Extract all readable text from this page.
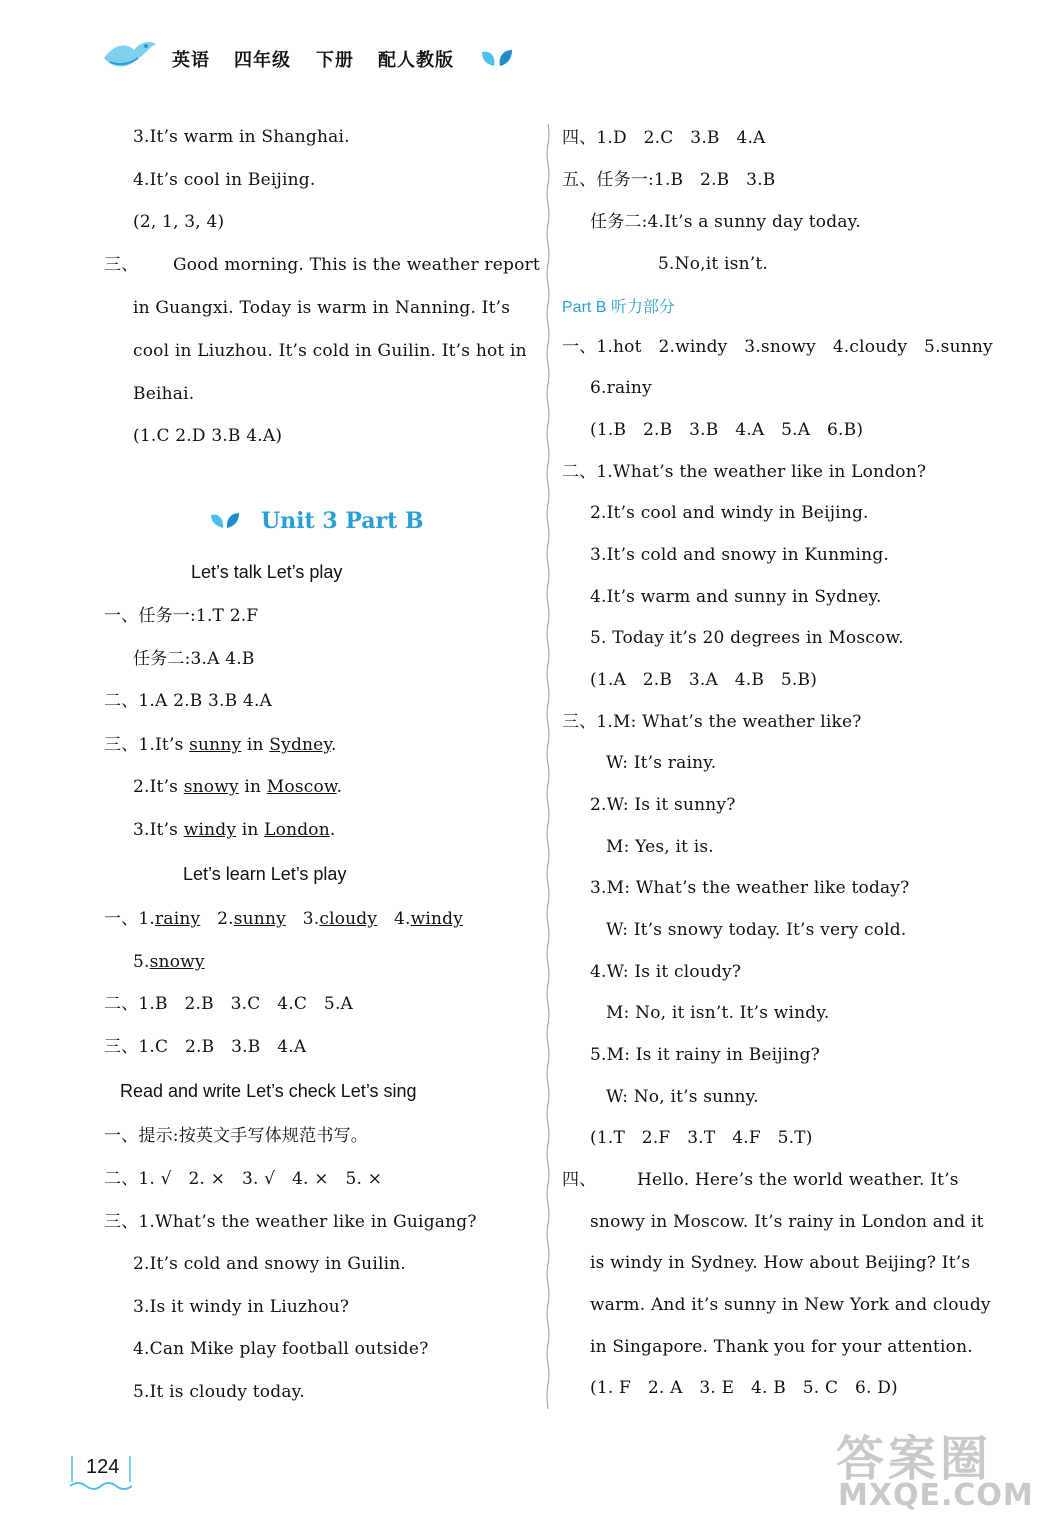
英语 四年级 下册 配人教版
3.It’s warm in Shanghai.
4.It’s cool in Beijing.
(2, 1, 3, 4)
三、 Good morning. This is the weather report
in Guangxi. Today is warm in Nanning. It’s
cool in Liuzhou. It’s cold in Guilin. It’s hot in
Beihai.
(1.C 2.D 3.B 4.A)
Unit 3 Part B
Let’s talk Let’s play
一、任务一:1.T 2.F
任务二:3.A 4.B
二、1.A 2.B 3.B 4.A
三、1.It’s sunny in Sydney.
2.It’s snowy in Moscow.
3.It’s windy in London.
Let’s learn Let’s play
一、1.rainy   2.sunny   3.cloudy   4.windy
5.snowy
二、1.B   2.B   3.C   4.C   5.A
三、1.C   2.B   3.B   4.A
Read and write Let’s check Let’s sing
一、提示:按英文手写体规范书写。
二、1. √   2. ×   3. √   4. ×   5. ×
三、1.What’s the weather like in Guigang?
2.It’s cold and snowy in Guilin.
3.Is it windy in Liuzhou?
4.Can Mike play football outside?
5.It is cloudy today.
四、1.D   2.C   3.B   4.A
五、任务一:1.B   2.B   3.B
任务二:4.It’s a sunny day today.
5.No,it isn’t.
Part B 听力部分
一、1.hot   2.windy   3.snowy   4.cloudy   5.sunny
6.rainy
(1.B   2.B   3.B   4.A   5.A   6.B)
二、1.What’s the weather like in London?
2.It’s cool and windy in Beijing.
3.It’s cold and snowy in Kunming.
4.It’s warm and sunny in Sydney.
5. Today it’s 20 degrees in Moscow.
(1.A   2.B   3.A   4.B   5.B)
三、1.M: What’s the weather like?
W: It’s rainy.
2.W: Is it sunny?
M: Yes, it is.
3.M: What’s the weather like today?
W: It’s snowy today. It’s very cold.
4.W: Is it cloudy?
M: No, it isn’t. It’s windy.
5.M: Is it rainy in Beijing?
W: No, it’s sunny.
(1.T   2.F   3.T   4.F   5.T)
四、 Hello. Here’s the world weather. It’s
snowy in Moscow. It’s rainy in London and it
is windy in Sydney. How about Beijing? It’s
warm. And it’s sunny in New York and cloudy
in Singapore. Thank you for your attention.
(1. F   2. A   3. E   4. B   5. C   6. D)
124	答案圈
MXQE.COM
